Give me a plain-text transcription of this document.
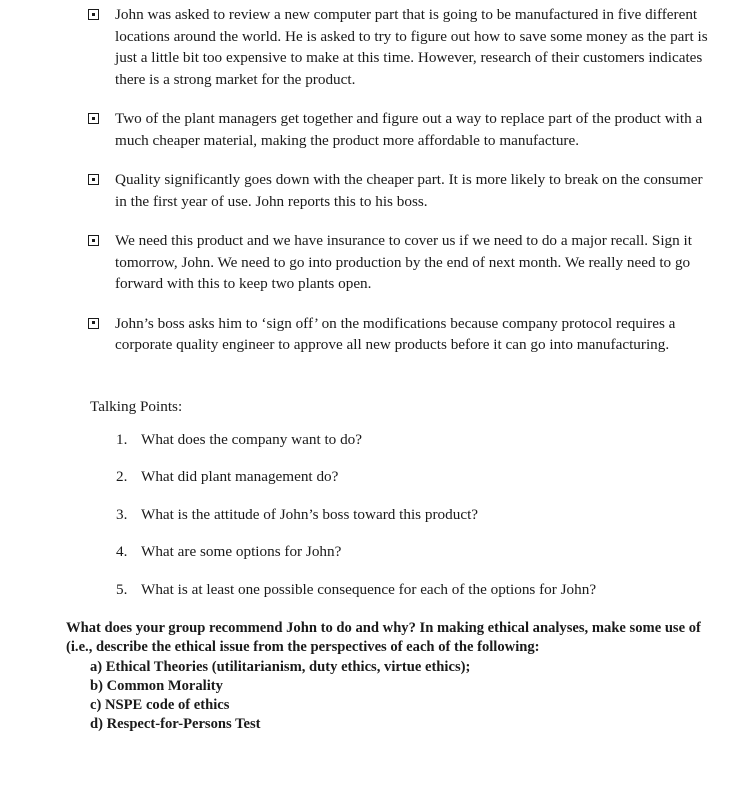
John was asked to review a new computer part that is going to be manufactured in five different locations around the world. He is asked to try to figure out how to save some money as the part is just a little bit too expensive to make at this time. However, research of their customers indicates there is a strong market for the product.
Two of the plant managers get together and figure out a way to replace part of the product with a much cheaper material, making the product more affordable to manufacture.
Quality significantly goes down with the cheaper part. It is more likely to break on the consumer in the first year of use. John reports this to his boss.
We need this product and we have insurance to cover us if we need to do a major recall. Sign it tomorrow, John. We need to go into production by the end of next month. We really need to go forward with this to keep two plants open.
John’s boss asks him to ‘sign off’ on the modifications because company protocol requires a corporate quality engineer to approve all new products before it can go into manufacturing.
Talking Points:
1. What does the company want to do?
2. What did plant management do?
3. What is the attitude of John’s boss toward this product?
4. What are some options for John?
5. What is at least one possible consequence for each of the options for John?
What does your group recommend John to do and why? In making ethical analyses, make some use of (i.e., describe the ethical issue from the perspectives of each of the following:
a) Ethical Theories (utilitarianism, duty ethics, virtue ethics);
b) Common Morality
c) NSPE code of ethics
d) Respect-for-Persons Test
